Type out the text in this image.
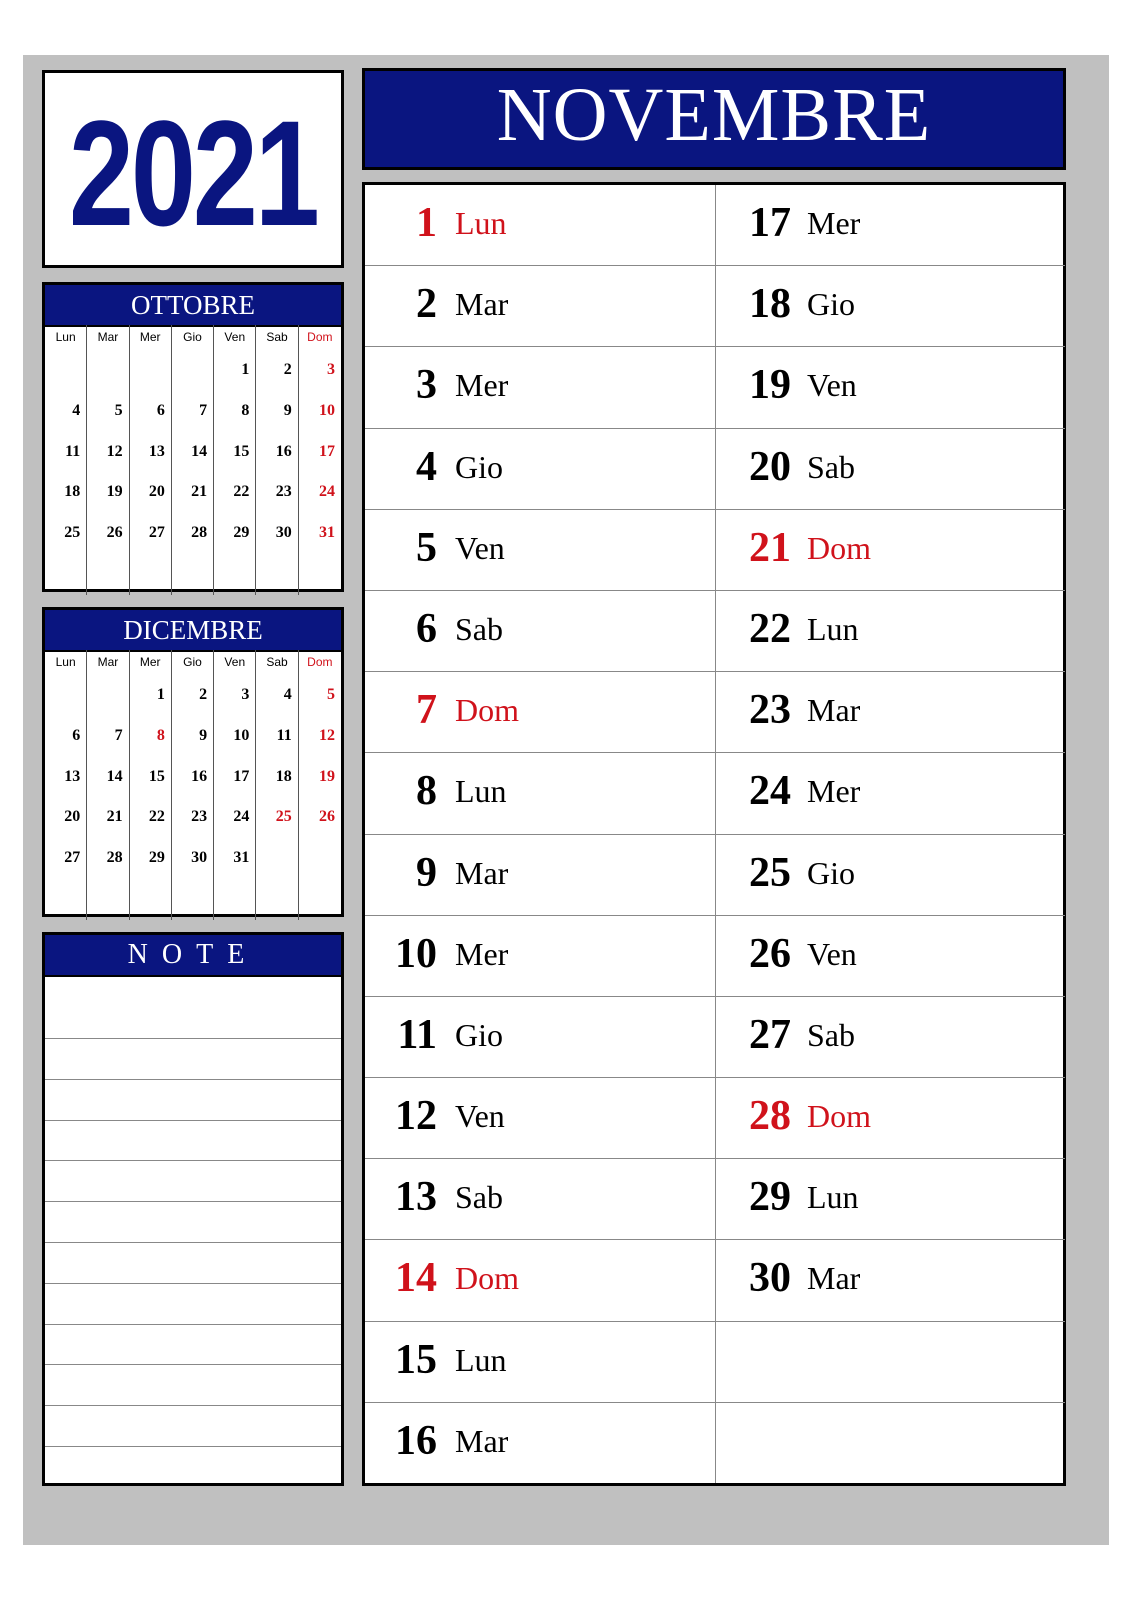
2021 NOVEMBRE
OTTOBRE
Lun
4
11
18
25
Mar
5
12
19
26
Mer
6
13
20
27
Gio
7
14
21
28
Ven
1
8
15
22
29
Sab
2
9
16
23
30
Dom
3
10
17
24
31
DICEMBRE
Lun
6
13
20
27
Mar
7
14
21
28
Mer
1
8
15
22
29
Gio
2
9
16
23
30
Ven
3
10
17
24
31
Sab
4
11
18
25
Dom
5
12
19
26
NOTE
1 Lun
2 Mar
3 Mer
4 Gio
5 Ven
6 Sab
7 Dom
8 Lun
9 Mar
10 Mer
11 Gio
12 Ven
13 Sab
14 Dom
15 Lun
16 Mar
17 Mer
18 Gio
19 Ven
20 Sab
21 Dom
22 Lun
23 Mar
24 Mer
25 Gio
26 Ven
27 Sab
28 Dom
29 Lun
30 Mar
